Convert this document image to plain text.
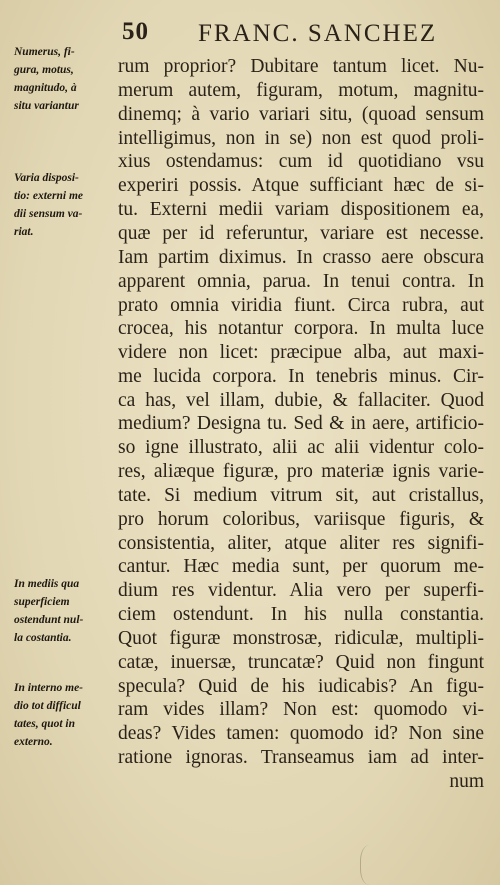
50 FRANC. SANCHEZ
rum proprior? Dubitare tantum licet. Nu-
merum autem, figuram, motum, magnitu-
dinemq; à vario variari situ, (quoad sensum
intelligimus, non in se) non est quod proli-
xius ostendamus: cum id quotidiano vsu
experiri possis. Atque sufficiant hæc de si-
tu. Externi medii variam dispositionem ea,
quæ per id referuntur, variare est necesse.
Iam partim diximus. In crasso aere obscura
apparent omnia, parua. In tenui contra. In
prato omnia viridia fiunt. Circa rubra, aut
crocea, his notantur corpora. In multa luce
videre non licet: præcipue alba, aut maxi-
me lucida corpora. In tenebris minus. Cir-
ca has, vel illam, dubie, & fallaciter. Quod
medium? Designa tu. Sed & in aere, artificio-
so igne illustrato, alii ac alii videntur colo-
res, aliæque figuræ, pro materiæ ignis varie-
tate. Si medium vitrum sit, aut cristallus,
pro horum coloribus, variisque figuris, &
consistentia, aliter, atque aliter res signifi-
cantur. Hæc media sunt, per quorum me-
dium res videntur. Alia vero per superfi-
ciem ostendunt. In his nulla constantia.
Quot figuræ monstrosæ, ridiculæ, multipli-
catæ, inuersæ, truncatæ? Quid non fingunt
specula? Quid de his iudicabis? An figu-
ram vides illam? Non est: quomodo vi-
deas? Vides tamen: quomodo id? Non sine
ratione ignoras. Transeamus iam ad inter-
num
Numerus, fi-
gura, motus,
magnitudo, à
situ variantur
Varia disposi-
tio: externi me
dii sensum va-
riat.
In mediis qua
superficiem
ostendunt nul-
la costantia.
In interno me-
dio tot difficul
tates, quot in
externo.
